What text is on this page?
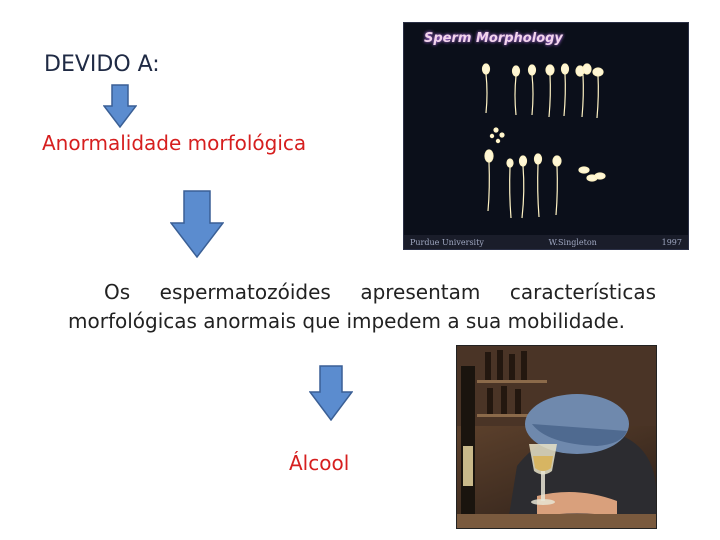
DEVIDO A:
Anormalidade morfológica
Os espermatozóides apresentam características morfológicas anormais que impedem a sua mobilidade.
Álcool
Sperm Morphology
Purdue University	W.Singleton	1997
